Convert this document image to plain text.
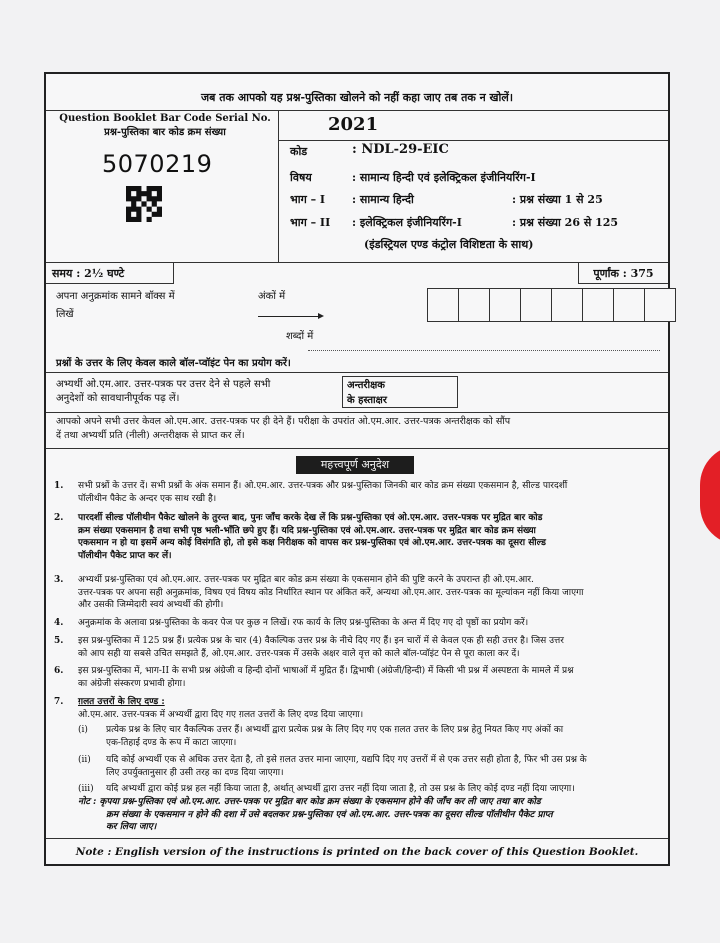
जब तक आपको यह प्रश्न-पुस्तिका खोलने को नहीं कहा जाए तब तक न खोलें।
Question Booklet Bar Code Serial No.
प्रश्न-पुस्तिका बार कोड क्रम संख्या
5070219
2021
कोड	: NDL-29-EIC
विषय	: सामान्य हिन्दी एवं इलेक्ट्रिकल इंजीनियरिंग-I
भाग – I : सामान्य हिन्दी	: प्रश्न संख्या 1 से 25
भाग – II : इलेक्ट्रिकल इंजीनियरिंग-I	: प्रश्न संख्या 26 से 125
(इंडस्ट्रियल एण्ड कंट्रोल विशिष्टता के साथ)
समय : 2½ घण्टे	पूर्णांक : 375
अपना अनुक्रमांक सामने बॉक्स में
लिखें
अंकों में
शब्दों में
प्रश्नों के उत्तर के लिए केवल काले बॉल-प्वॉइंट पेन का प्रयोग करें।
अभ्यर्थी ओ.एम.आर. उत्तर-पत्रक पर उत्तर देने से पहले सभी
अनुदेशों को सावधानीपूर्वक पढ़ लें।
अन्तरीक्षक
के हस्ताक्षर
आपको अपने सभी उत्तर केवल ओ.एम.आर. उत्तर-पत्रक पर ही देने हैं। परीक्षा के उपरांत ओ.एम.आर. उत्तर-पत्रक अन्तरीक्षक को सौंप
दें तथा अभ्यर्थी प्रति (नीली) अन्तरीक्षक से प्राप्त कर लें।
महत्त्वपूर्ण अनुदेश
1. सभी प्रश्नों के उत्तर दें। सभी प्रश्नों के अंक समान हैं। ओ.एम.आर. उत्तर-पत्रक और प्रश्न-पुस्तिका जिनकी बार कोड क्रम संख्या एकसमान है, सील्ड पारदर्शी
पॉलीथीन पैकेट के अन्दर एक साथ रखी है।
2. पारदर्शी सील्ड पॉलीथीन पैकेट खोलने के तुरन्त बाद, पुनः जाँच करके देख लें कि प्रश्न-पुस्तिका एवं ओ.एम.आर. उत्तर-पत्रक पर मुद्रित बार कोड
क्रम संख्या एकसमान है तथा सभी पृष्ठ भली-भाँति छपे हुए हैं। यदि प्रश्न-पुस्तिका एवं ओ.एम.आर. उत्तर-पत्रक पर मुद्रित बार कोड क्रम संख्या
एकसमान न हो या इसमें अन्य कोई विसंगति हो, तो इसे कक्ष निरीक्षक को वापस कर प्रश्न-पुस्तिका एवं ओ.एम.आर. उत्तर-पत्रक का दूसरा सील्ड
पॉलीथीन पैकेट प्राप्त कर लें।
3. अभ्यर्थी प्रश्न-पुस्तिका एवं ओ.एम.आर. उत्तर-पत्रक पर मुद्रित बार कोड क्रम संख्या के एकसमान होने की पुष्टि करने के उपरान्त ही ओ.एम.आर.
उत्तर-पत्रक पर अपना सही अनुक्रमांक, विषय एवं विषय कोड निर्धारित स्थान पर अंकित करें, अन्यथा ओ.एम.आर. उत्तर-पत्रक का मूल्यांकन नहीं किया जाएगा
और उसकी जिम्मेदारी स्वयं अभ्यर्थी की होगी।
4. अनुक्रमांक के अलावा प्रश्न-पुस्तिका के कवर पेज पर कुछ न लिखें। रफ कार्य के लिए प्रश्न-पुस्तिका के अन्त में दिए गए दो पृष्ठों का प्रयोग करें।
5. इस प्रश्न-पुस्तिका में 125 प्रश्न हैं। प्रत्येक प्रश्न के चार (4) वैकल्पिक उत्तर प्रश्न के नीचे दिए गए हैं। इन चारों में से केवल एक ही सही उत्तर है। जिस उत्तर
को आप सही या सबसे उचित समझते हैं, ओ.एम.आर. उत्तर-पत्रक में उसके अक्षर वाले वृत्त को काले बॉल-प्वॉइंट पेन से पूरा काला कर दें।
6. इस प्रश्न-पुस्तिका में, भाग-II के सभी प्रश्न अंग्रेजी व हिन्दी दोनों भाषाओं में मुद्रित हैं। द्विभाषी (अंग्रेजी/हिन्दी) में किसी भी प्रश्न में अस्पष्टता के मामले में प्रश्न
का अंग्रेजी संस्करण प्रभावी होगा।
7. ग़लत उत्तरों के लिए दण्ड :
ओ.एम.आर. उत्तर-पत्रक में अभ्यर्थी द्वारा दिए गए ग़लत उत्तरों के लिए दण्ड दिया जाएगा।
(i) प्रत्येक प्रश्न के लिए चार वैकल्पिक उत्तर हैं। अभ्यर्थी द्वारा प्रत्येक प्रश्न के लिए दिए गए एक ग़लत उत्तर के लिए प्रश्न हेतु नियत किए गए अंकों का
एक-तिहाई दण्ड के रूप में काटा जाएगा।
(ii) यदि कोई अभ्यर्थी एक से अधिक उत्तर देता है, तो इसे ग़लत उत्तर माना जाएगा, यद्यपि दिए गए उत्तरों में से एक उत्तर सही होता है, फिर भी उस प्रश्न के
लिए उपर्युक्तानुसार ही उसी तरह का दण्ड दिया जाएगा।
(iii) यदि अभ्यर्थी द्वारा कोई प्रश्न हल नहीं किया जाता है, अर्थात् अभ्यर्थी द्वारा उत्तर नहीं दिया जाता है, तो उस प्रश्न के लिए कोई दण्ड नहीं दिया जाएगा।
नोट : कृपया प्रश्न-पुस्तिका एवं ओ.एम.आर. उत्तर-पत्रक पर मुद्रित बार कोड क्रम संख्या के एकसमान होने की जाँच कर ली जाए तथा बार कोड
क्रम संख्या के एकसमान न होने की दशा में उसे बदलकर प्रश्न-पुस्तिका एवं ओ.एम.आर. उत्तर-पत्रक का दूसरा सील्ड पॉलीथीन पैकेट प्राप्त
कर लिया जाए।
Note : English version of the instructions is printed on the back cover of this Question Booklet.
